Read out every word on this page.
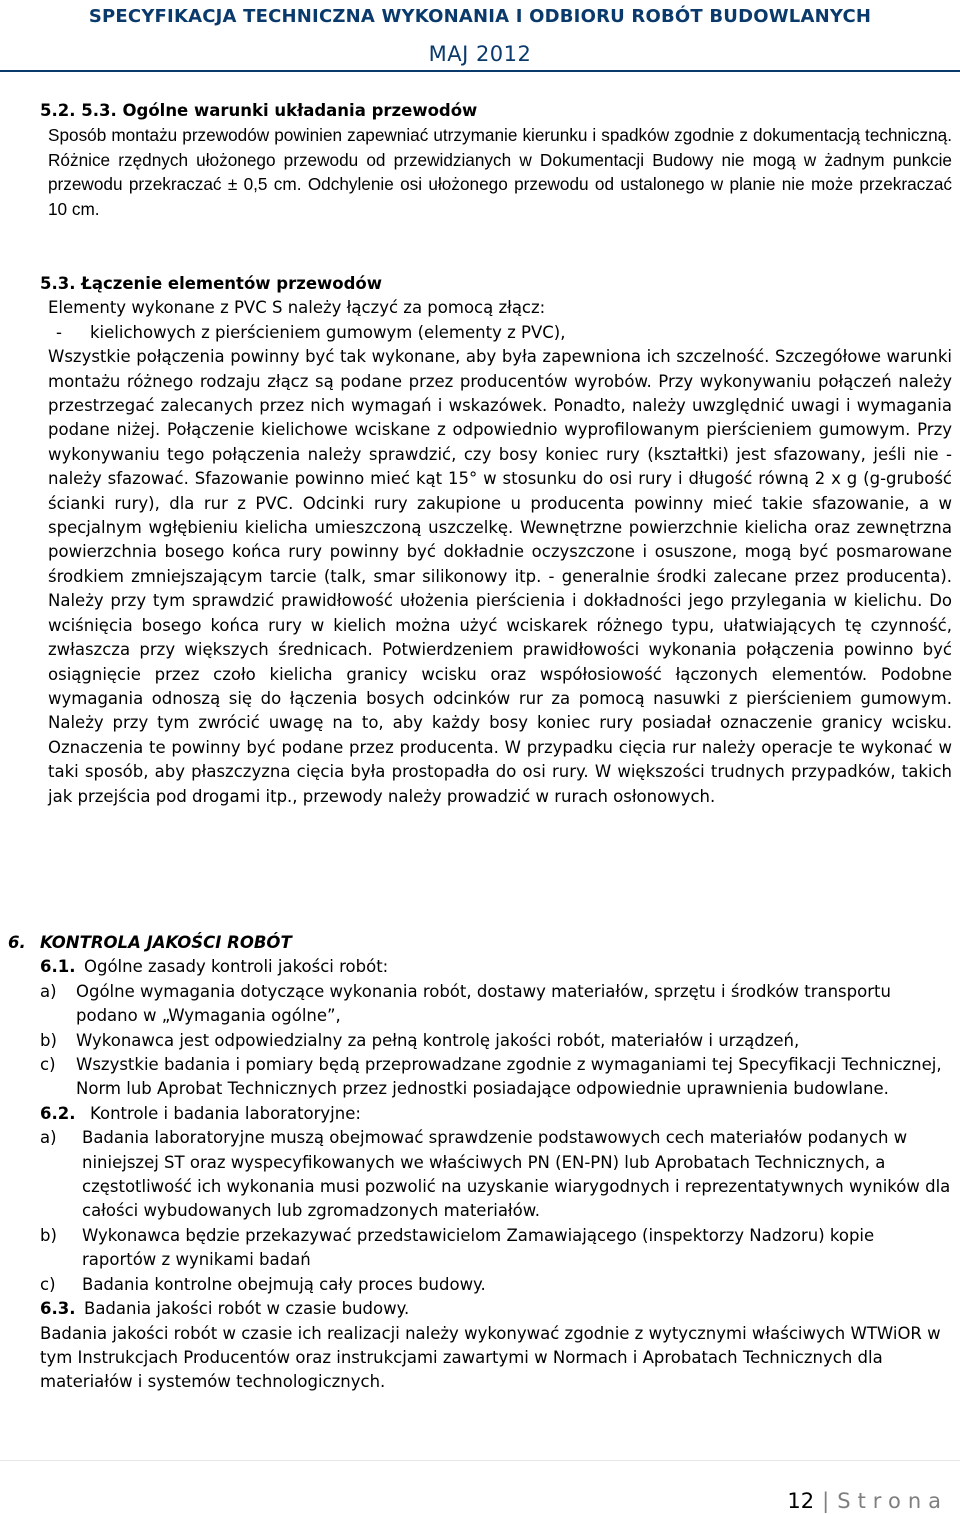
SPECYFIKACJA TECHNICZNA WYKONANIA I ODBIORU ROBÓT BUDOWLANYCH
MAJ 2012
5.2. 5.3. Ogólne warunki układania przewodów
Sposób montażu przewodów powinien zapewniać utrzymanie kierunku i spadków zgodnie z dokumentacją techniczną. Różnice rzędnych ułożonego przewodu od przewidzianych w Dokumentacji Budowy nie mogą w żadnym punkcie przewodu przekraczać ± 0,5 cm. Odchylenie osi ułożonego przewodu od ustalonego w planie nie może przekraczać 10 cm.
5.3. Łączenie elementów przewodów
Elementy wykonane z PVC S należy łączyć za pomocą złącz:
-	kielichowych z pierścieniem gumowym (elementy z PVC),
Wszystkie połączenia powinny być tak wykonane, aby była zapewniona ich szczelność. Szczegółowe warunki montażu różnego rodzaju złącz są podane przez producentów wyrobów. Przy wykonywaniu połączeń należy przestrzegać zalecanych przez nich wymagań i wskazówek. Ponadto, należy uwzględnić uwagi i wymagania podane niżej. Połączenie kielichowe wciskane z odpowiednio wyprofilowanym pierścieniem gumowym. Przy wykonywaniu tego połączenia należy sprawdzić, czy bosy koniec rury (kształtki) jest sfazowany, jeśli nie - należy sfazować. Sfazowanie powinno mieć kąt 15° w stosunku do osi rury i długość równą 2 x g (g-grubość ścianki rury), dla rur z PVC. Odcinki rury zakupione u producenta powinny mieć takie sfazowanie, a w specjalnym wgłębieniu kielicha umieszczoną uszczelkę. Wewnętrzne powierzchnie kielicha oraz zewnętrzna powierzchnia bosego końca rury powinny być dokładnie oczyszczone i osuszone, mogą być posmarowane środkiem zmniejszającym tarcie (talk, smar silikonowy itp. - generalnie środki zalecane przez producenta). Należy przy tym sprawdzić prawidłowość ułożenia pierścienia i dokładności jego przylegania w kielichu. Do wciśnięcia bosego końca rury w kielich można użyć wciskarek różnego typu, ułatwiających tę czynność, zwłaszcza przy większych średnicach. Potwierdzeniem prawidłowości wykonania połączenia powinno być osiągnięcie przez czoło kielicha granicy wcisku oraz współosiowość łączonych elementów. Podobne wymagania odnoszą się do łączenia bosych odcinków rur za pomocą nasuwki z pierścieniem gumowym. Należy przy tym zwrócić uwagę na to, aby każdy bosy koniec rury posiadał oznaczenie granicy wcisku. Oznaczenia te powinny być podane przez producenta. W przypadku cięcia rur należy operacje te wykonać w taki sposób, aby płaszczyzna cięcia była prostopadła do osi rury. W większości trudnych przypadków, takich jak przejścia pod drogami itp., przewody należy prowadzić w rurach osłonowych.
6. KONTROLA JAKOŚCI ROBÓT
6.1. Ogólne zasady kontroli jakości robót:
a)	Ogólne wymagania dotyczące wykonania robót, dostawy materiałów, sprzętu i środków transportu podano w „Wymagania ogólne”,
b)	Wykonawca jest odpowiedzialny za pełną kontrolę jakości robót, materiałów i urządzeń,
c)	Wszystkie badania i pomiary będą przeprowadzane zgodnie z wymaganiami tej Specyfikacji Technicznej, Norm lub Aprobat Technicznych przez jednostki posiadające odpowiednie uprawnienia budowlane.
6.2. Kontrole i badania laboratoryjne:
a)	Badania laboratoryjne muszą obejmować sprawdzenie podstawowych cech materiałów podanych w niniejszej ST oraz wyspecyfikowanych we właściwych PN (EN-PN) lub Aprobatach Technicznych, a częstotliwość ich wykonania musi pozwolić na uzyskanie wiarygodnych i reprezentatywnych wyników dla całości wybudowanych lub zgromadzonych materiałów.
b)	Wykonawca będzie przekazywać przedstawicielom Zamawiającego (inspektorzy Nadzoru) kopie raportów z wynikami badań
c)	Badania kontrolne obejmują cały proces budowy.
6.3. Badania jakości robót w czasie budowy.
Badania jakości robót w czasie ich realizacji należy wykonywać zgodnie z wytycznymi właściwych WTWiOR w tym Instrukcjach Producentów oraz instrukcjami zawartymi w Normach i Aprobatach Technicznych dla materiałów i systemów technologicznych.
12 | Strona
